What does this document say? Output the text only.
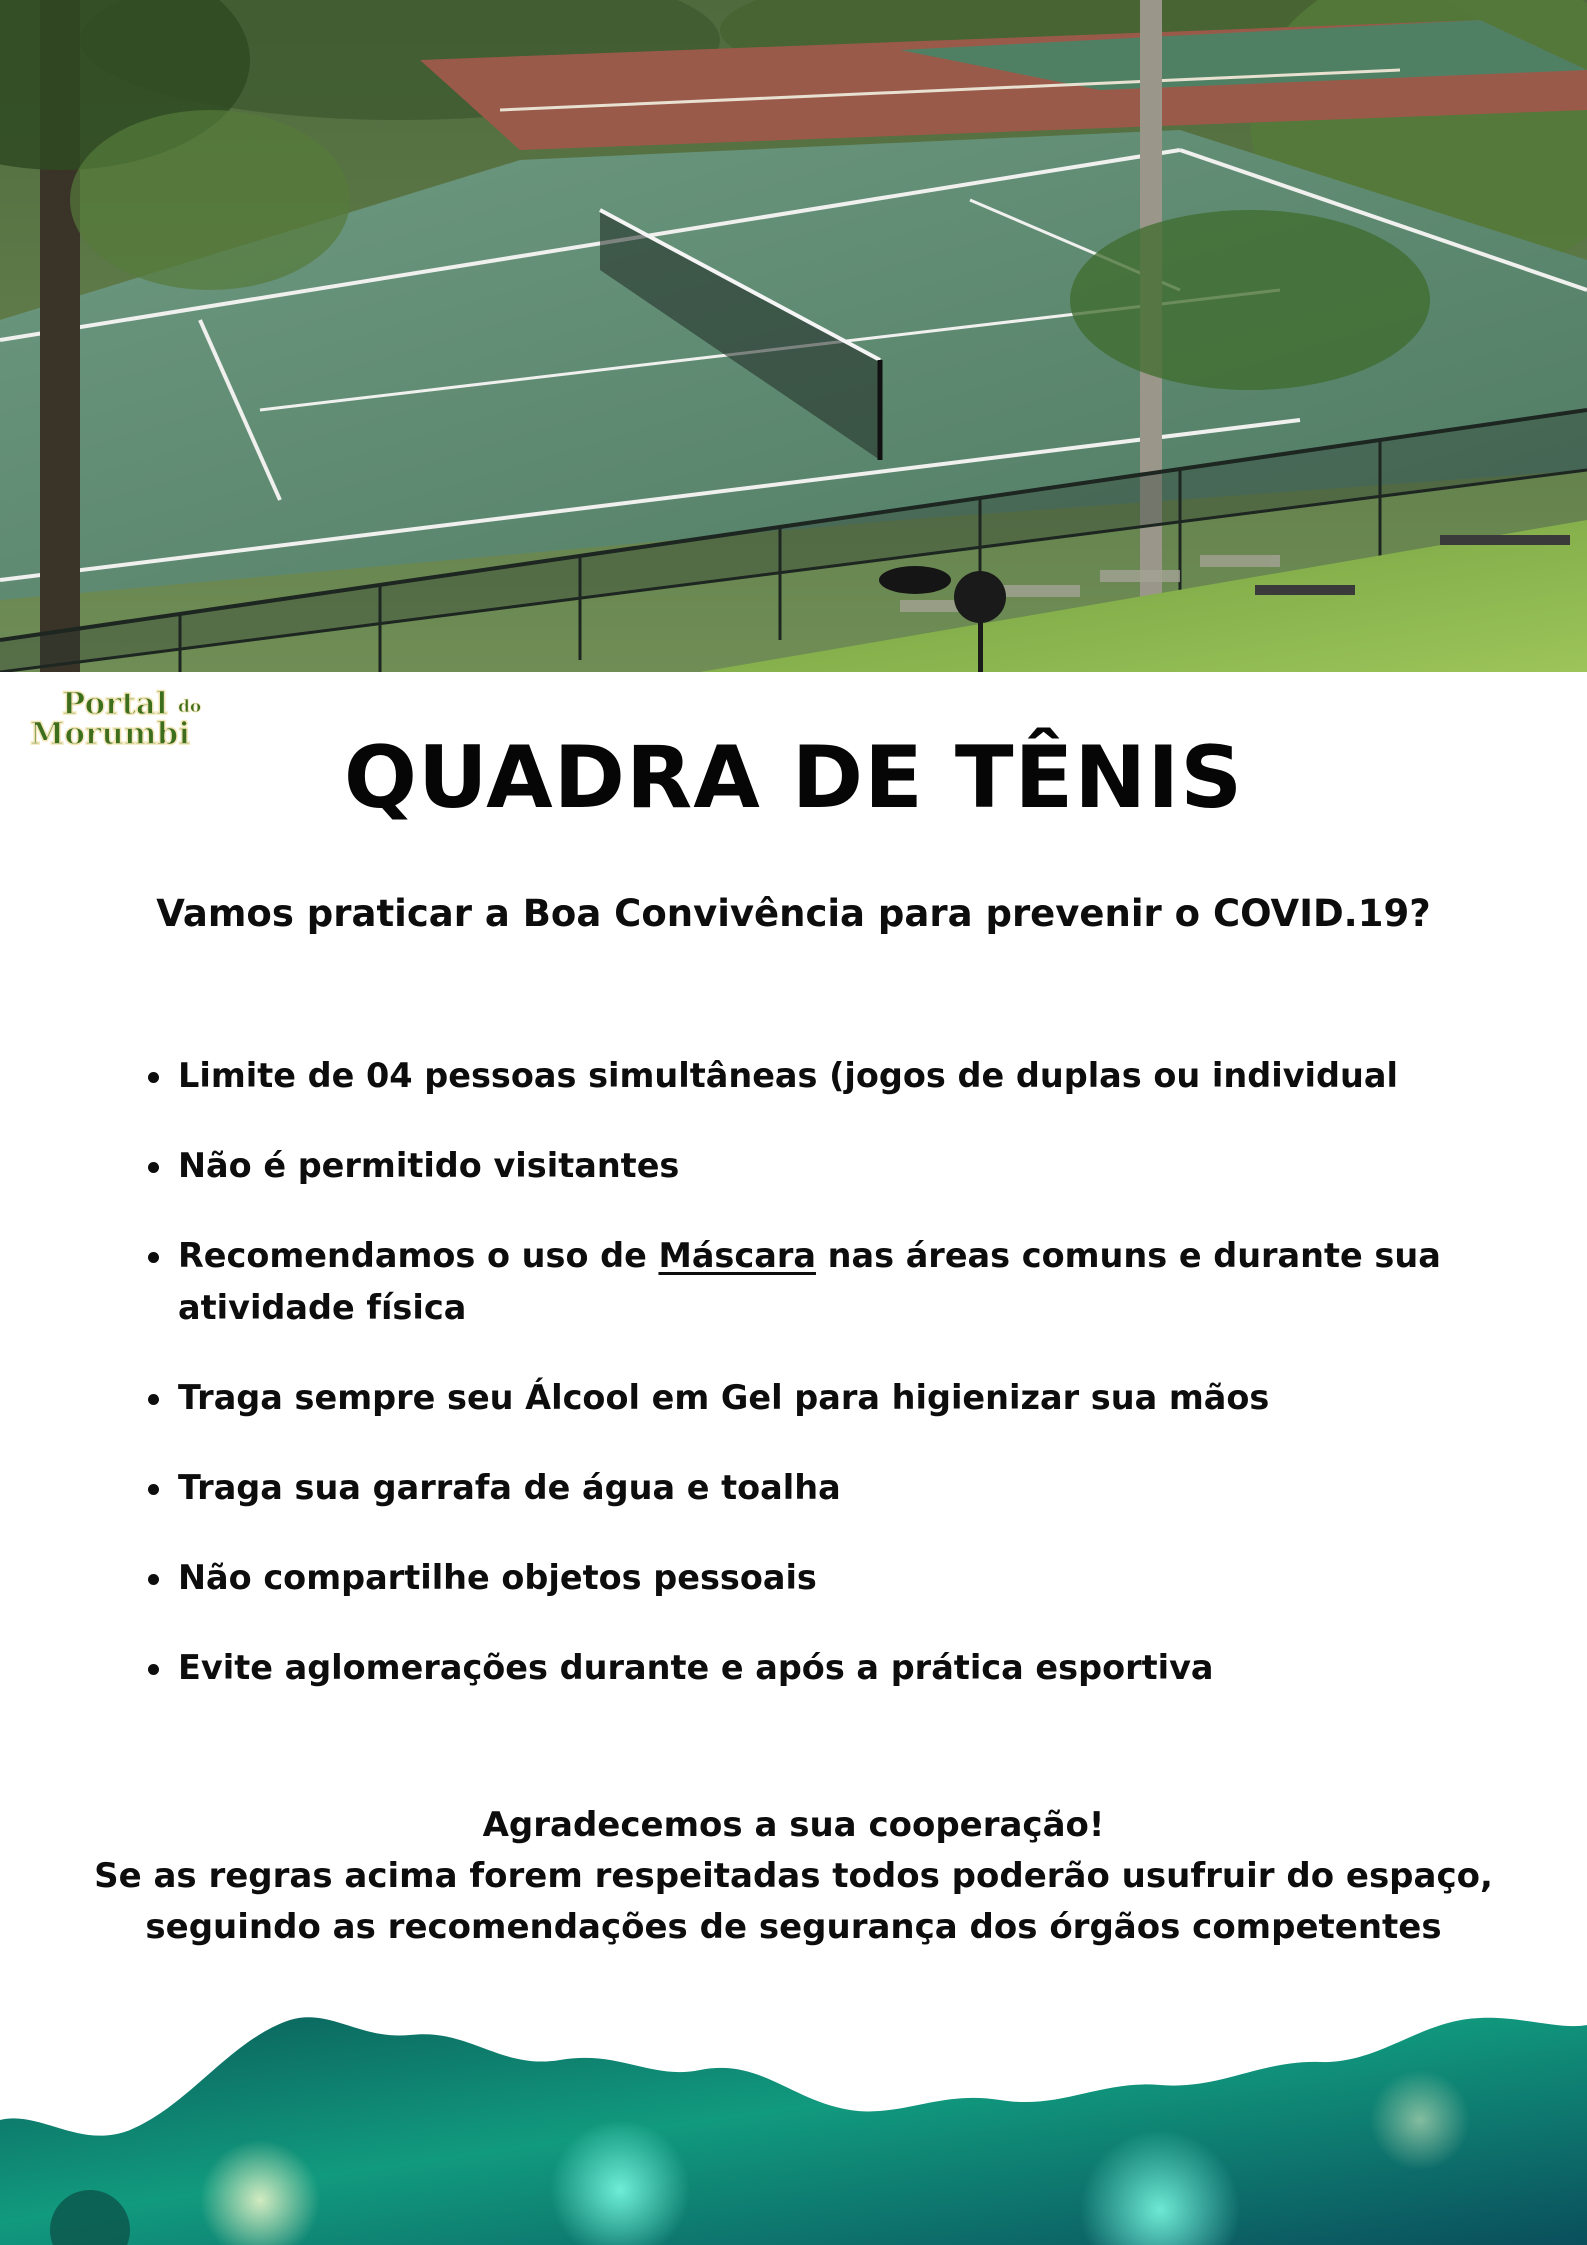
Portal do
Morumbi	QUADRA DE TÊNIS
Vamos praticar a Boa Convivência para prevenir o COVID.19?
Limite de 04 pessoas simultâneas (jogos de duplas ou individual
Não é permitido visitantes
Recomendamos o uso de Máscara nas áreas comuns e durante sua atividade física
Traga sempre seu Álcool em Gel para higienizar sua mãos
Traga sua garrafa de água e toalha
Não compartilhe objetos pessoais
Evite aglomerações durante e após a prática esportiva
Agradecemos a sua cooperação!
Se as regras acima forem respeitadas todos poderão usufruir do espaço,
seguindo as recomendações de segurança dos órgãos competentes
